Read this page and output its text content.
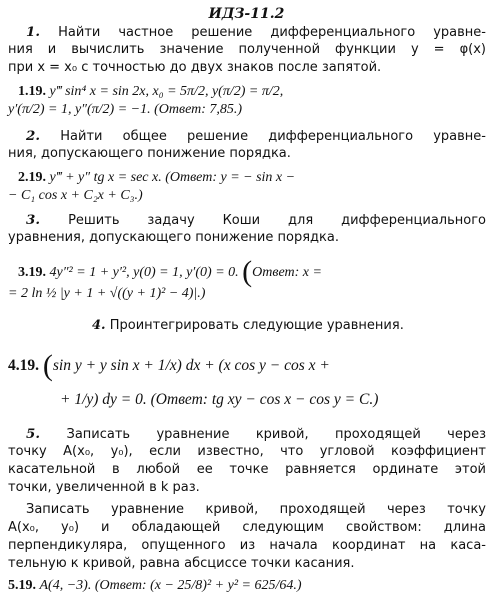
ИДЗ-11.2
1. Найти частное решение дифференциального уравне-
ния и вычислить значение полученной функции y = φ(x)
при x = x₀ с точностью до двух знаков после запятой.
1.19. y‴ sin⁴ x = sin 2x, x₀ = 5π/2, y(π/2) = π/2,
y′(π/2) = 1, y″(π/2) = −1. (Ответ: 7,85.)
2. Найти общее решение дифференциального уравне-
ния, допускающего понижение порядка.
2.19. y‴ + y″ tg x = sec x. (Ответ: y = − sin x −
− C₁ cos x + C₂x + C₃.)
3. Решить задачу Коши для дифференциального
уравнения, допускающего понижение порядка.
3.19. 4y″² = 1 + y′², y(0) = 1, y′(0) = 0. (Ответ: x =
= 2 ln ½ |y + 1 + √((y + 1)² − 4)|.)
4. Проинтегрировать следующие уравнения.
4.19. (sin y + y sin x + 1/x) dx + (x cos y − cos x +
+ 1/y) dy = 0. (Ответ: tg xy − cos x − cos y = C.)
5. Записать уравнение кривой, проходящей через
точку A(x₀, y₀), если известно, что угловой коэффициент
касательной в любой ее точке равняется ординате этой
точки, увеличенной в k раз.
Записать уравнение кривой, проходящей через точку
A(x₀, y₀) и обладающей следующим свойством: длина
перпендикуляра, опущенного из начала координат на каса-
тельную к кривой, равна абсциссе точки касания.
5.19. A(4, −3). (Ответ: (x − 25/8)² + y² = 625/64.)
